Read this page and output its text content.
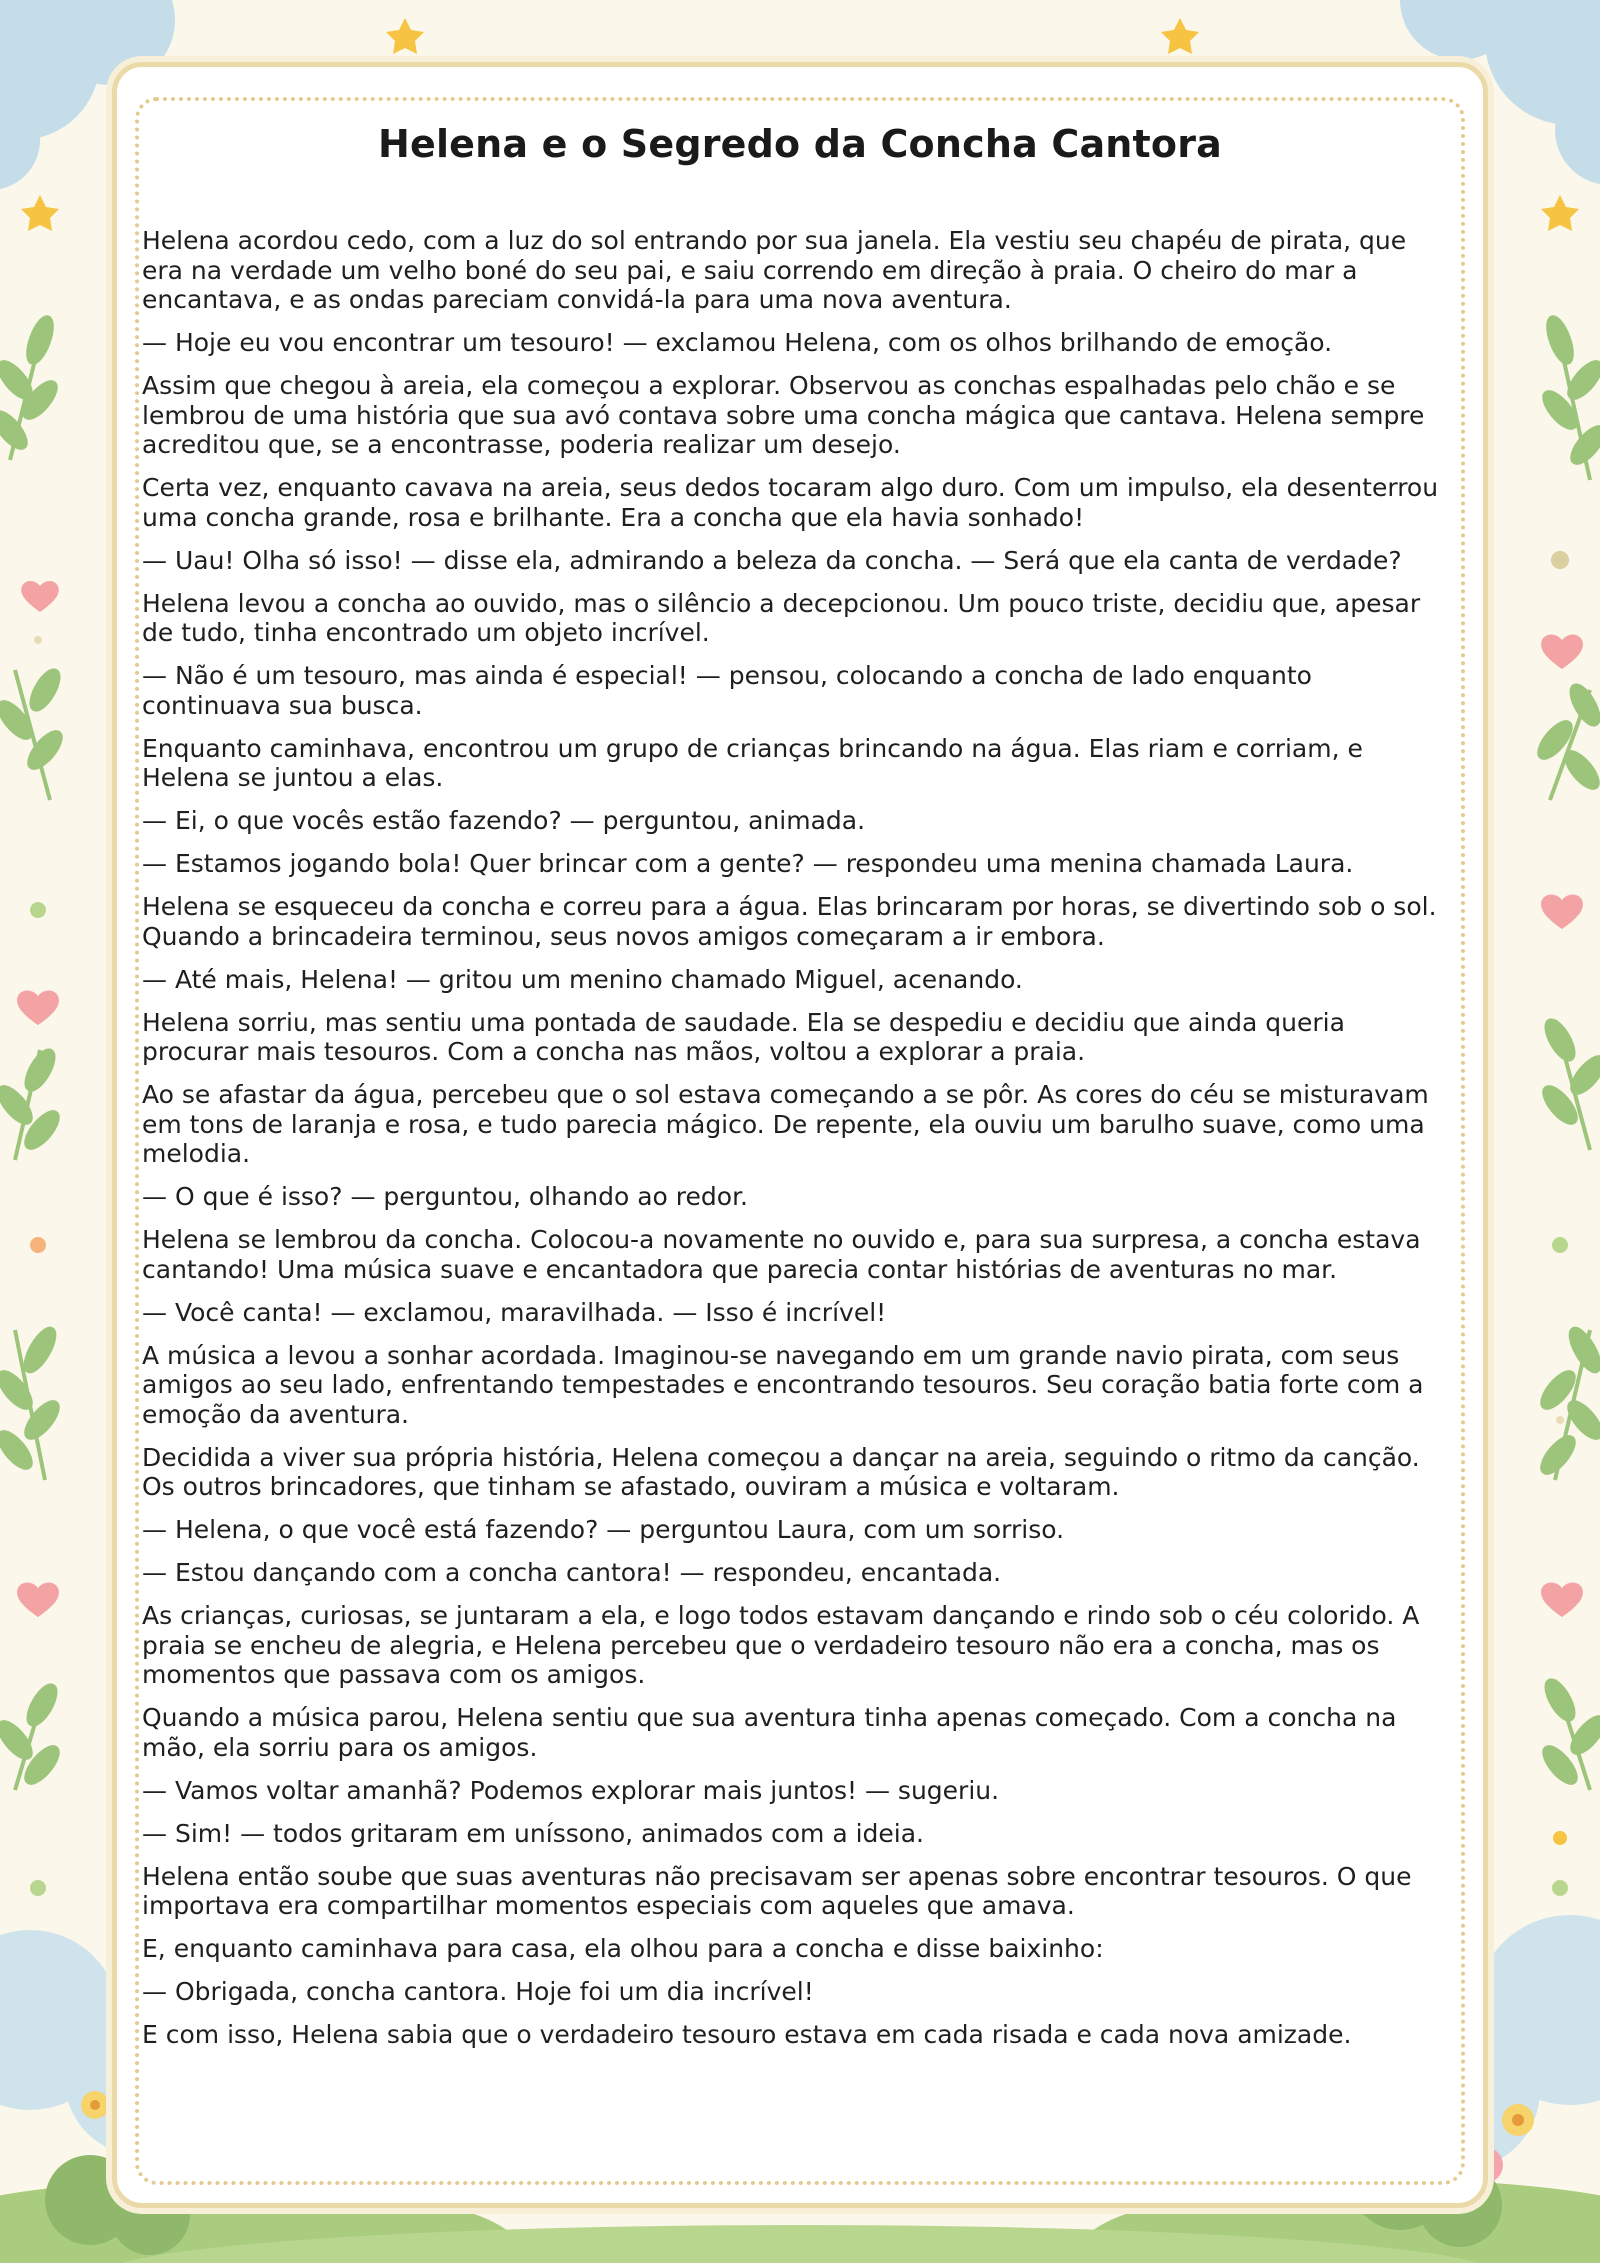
Helena e o Segredo da Concha Cantora

Helena acordou cedo, com a luz do sol entrando por sua janela. Ela vestiu seu chapéu de pirata, que era na verdade um velho boné do seu pai, e saiu correndo em direção à praia. O cheiro do mar a encantava, e as ondas pareciam convidá-la para uma nova aventura.

— Hoje eu vou encontrar um tesouro! — exclamou Helena, com os olhos brilhando de emoção.

Assim que chegou à areia, ela começou a explorar. Observou as conchas espalhadas pelo chão e se lembrou de uma história que sua avó contava sobre uma concha mágica que cantava. Helena sempre acreditou que, se a encontrasse, poderia realizar um desejo.

Certa vez, enquanto cavava na areia, seus dedos tocaram algo duro. Com um impulso, ela desenterrou uma concha grande, rosa e brilhante. Era a concha que ela havia sonhado!

— Uau! Olha só isso! — disse ela, admirando a beleza da concha. — Será que ela canta de verdade?

Helena levou a concha ao ouvido, mas o silêncio a decepcionou. Um pouco triste, decidiu que, apesar de tudo, tinha encontrado um objeto incrível.

— Não é um tesouro, mas ainda é especial! — pensou, colocando a concha de lado enquanto continuava sua busca.

Enquanto caminhava, encontrou um grupo de crianças brincando na água. Elas riam e corriam, e Helena se juntou a elas.

— Ei, o que vocês estão fazendo? — perguntou, animada.

— Estamos jogando bola! Quer brincar com a gente? — respondeu uma menina chamada Laura.

Helena se esqueceu da concha e correu para a água. Elas brincaram por horas, se divertindo sob o sol. Quando a brincadeira terminou, seus novos amigos começaram a ir embora.

— Até mais, Helena! — gritou um menino chamado Miguel, acenando.

Helena sorriu, mas sentiu uma pontada de saudade. Ela se despediu e decidiu que ainda queria procurar mais tesouros. Com a concha nas mãos, voltou a explorar a praia.

Ao se afastar da água, percebeu que o sol estava começando a se pôr. As cores do céu se misturavam em tons de laranja e rosa, e tudo parecia mágico. De repente, ela ouviu um barulho suave, como uma melodia.

— O que é isso? — perguntou, olhando ao redor.

Helena se lembrou da concha. Colocou-a novamente no ouvido e, para sua surpresa, a concha estava cantando! Uma música suave e encantadora que parecia contar histórias de aventuras no mar.

— Você canta! — exclamou, maravilhada. — Isso é incrível!

A música a levou a sonhar acordada. Imaginou-se navegando em um grande navio pirata, com seus amigos ao seu lado, enfrentando tempestades e encontrando tesouros. Seu coração batia forte com a emoção da aventura.

Decidida a viver sua própria história, Helena começou a dançar na areia, seguindo o ritmo da canção. Os outros brincadores, que tinham se afastado, ouviram a música e voltaram.

— Helena, o que você está fazendo? — perguntou Laura, com um sorriso.

— Estou dançando com a concha cantora! — respondeu, encantada.

As crianças, curiosas, se juntaram a ela, e logo todos estavam dançando e rindo sob o céu colorido. A praia se encheu de alegria, e Helena percebeu que o verdadeiro tesouro não era a concha, mas os momentos que passava com os amigos.

Quando a música parou, Helena sentiu que sua aventura tinha apenas começado. Com a concha na mão, ela sorriu para os amigos.

— Vamos voltar amanhã? Podemos explorar mais juntos! — sugeriu.

— Sim! — todos gritaram em uníssono, animados com a ideia.

Helena então soube que suas aventuras não precisavam ser apenas sobre encontrar tesouros. O que importava era compartilhar momentos especiais com aqueles que amava.

E, enquanto caminhava para casa, ela olhou para a concha e disse baixinho:

— Obrigada, concha cantora. Hoje foi um dia incrível!

E com isso, Helena sabia que o verdadeiro tesouro estava em cada risada e cada nova amizade.
